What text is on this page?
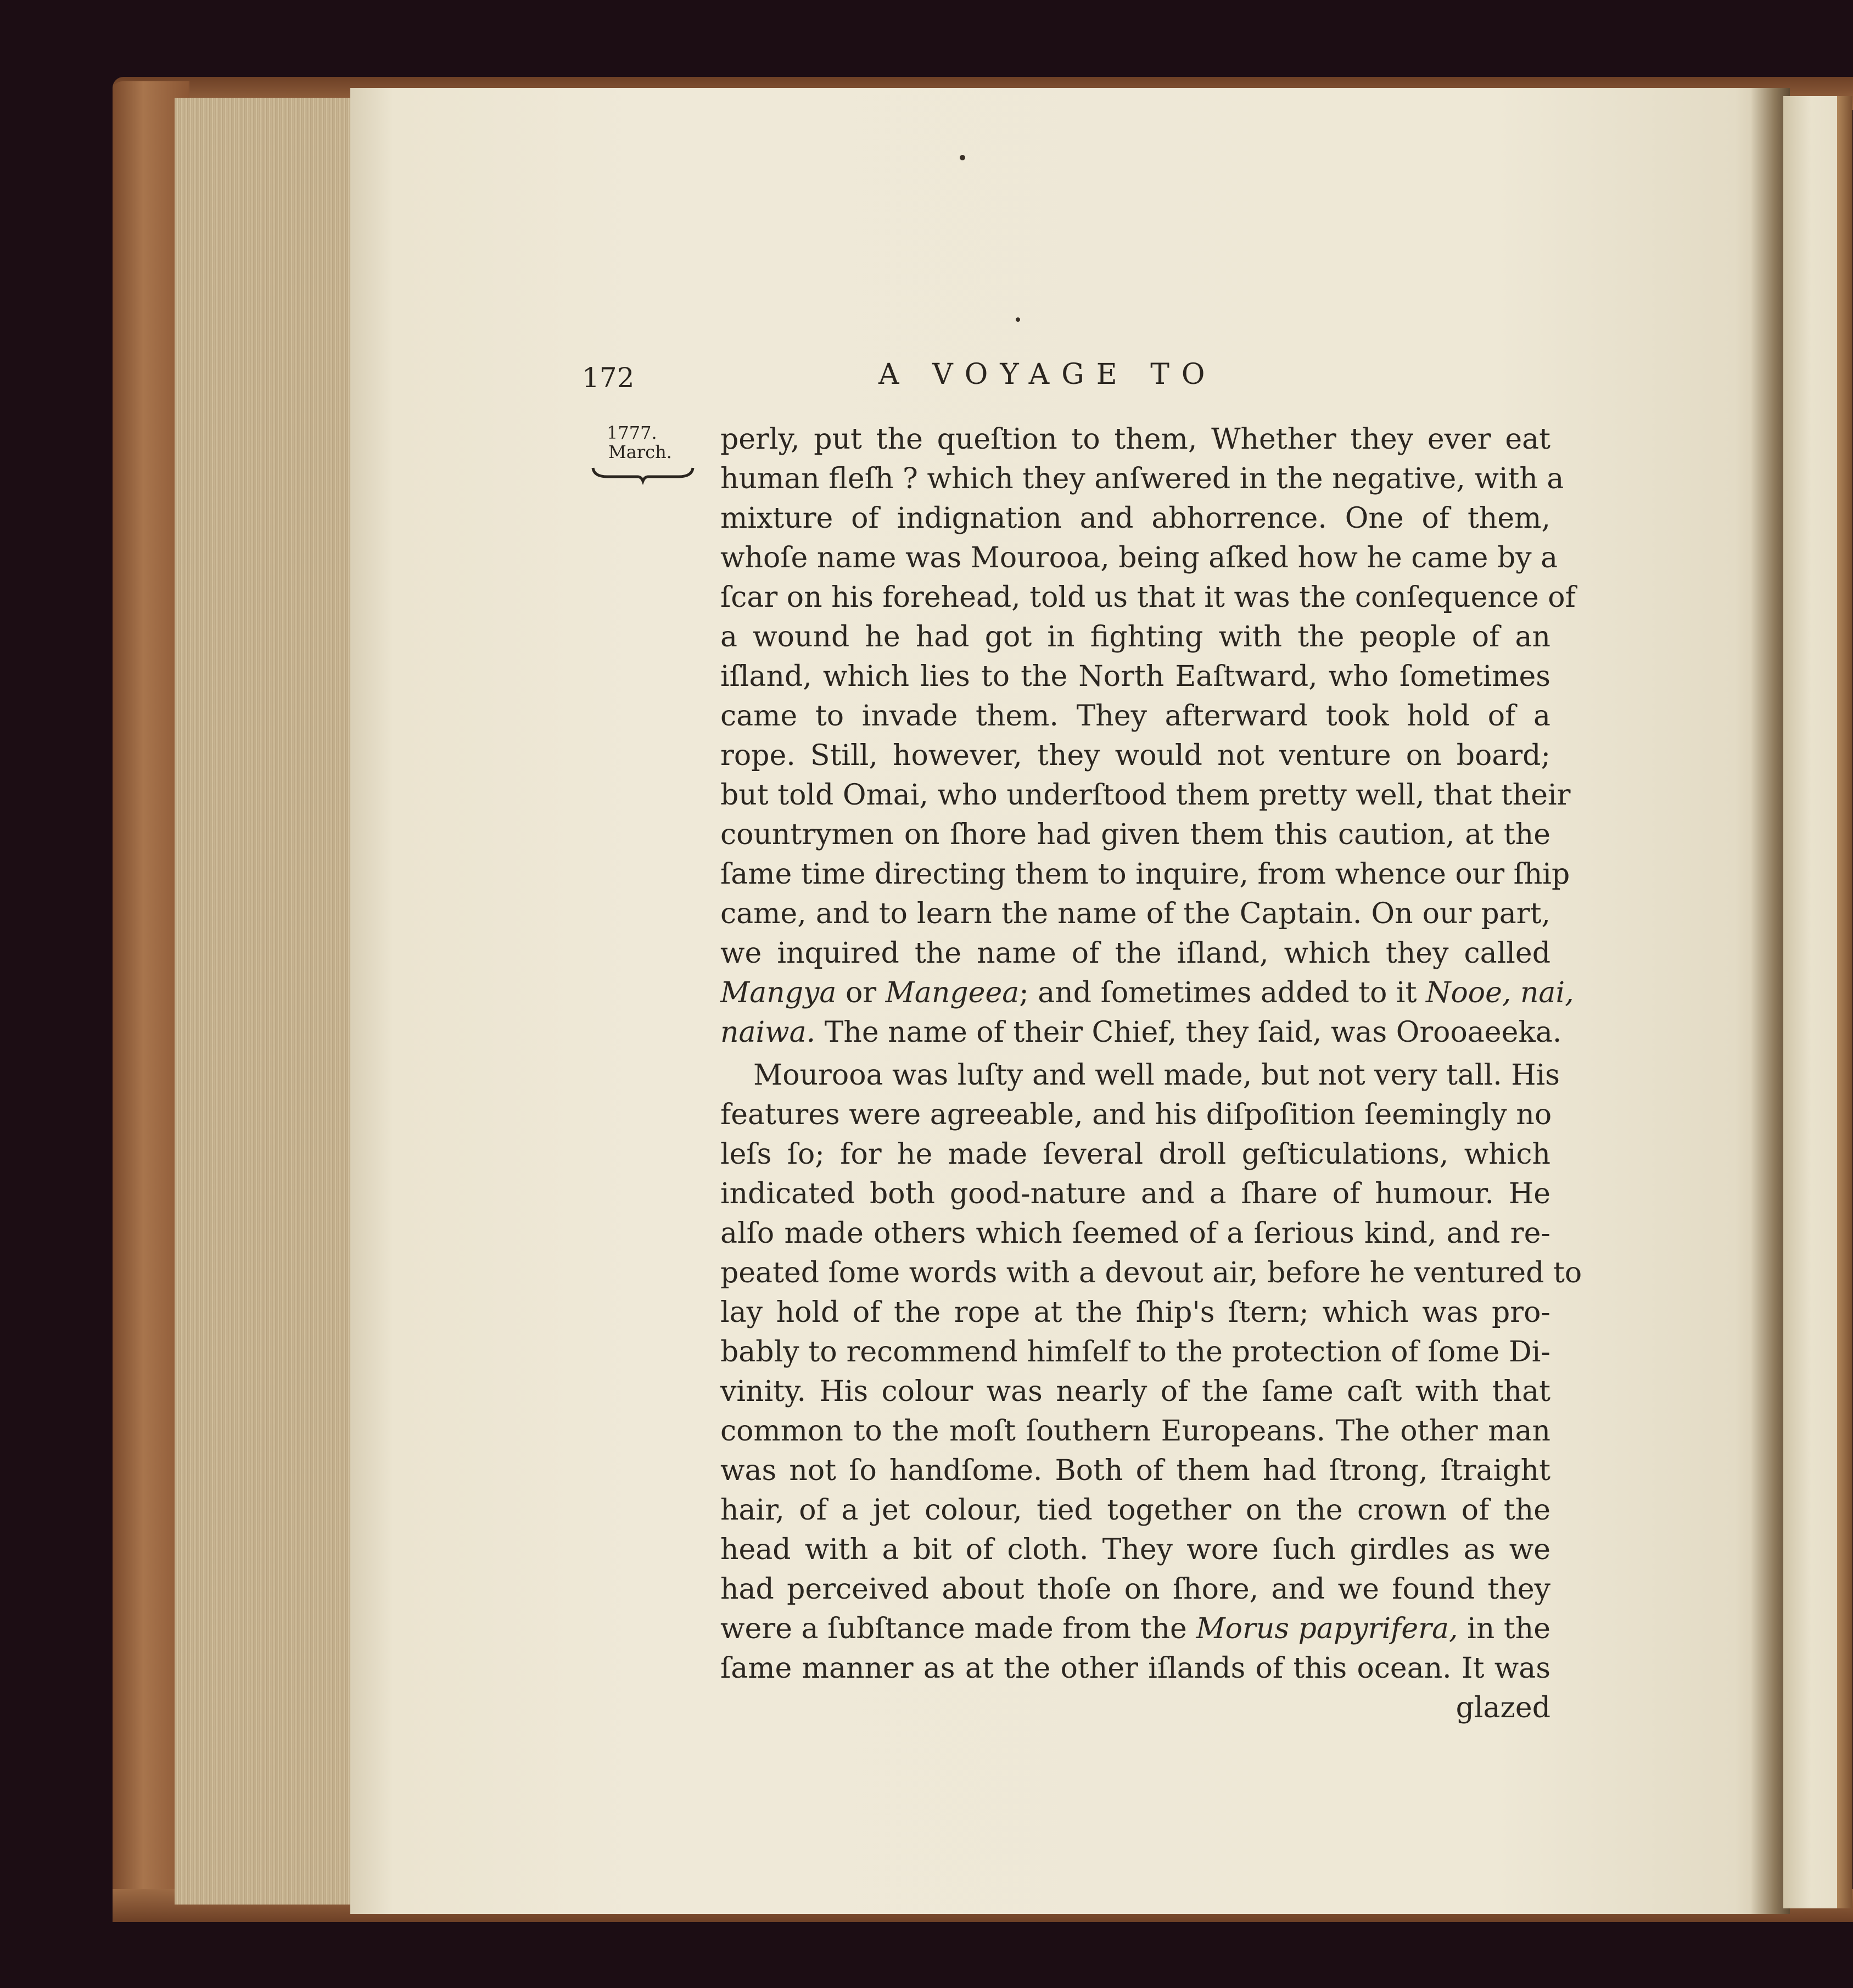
172	A VOYAGE TO
1777.
March. perly, put the queſtion to them, Whether they ever eat
human fleſh ? which they anſwered in the negative, with a
mixture of indignation and abhorrence. One of them,
whoſe name was Mourooa, being aſked how he came by a
ſcar on his forehead, told us that it was the conſequence of
a wound he had got in fighting with the people of an
iſland, which lies to the North Eaſtward, who ſometimes
came to invade them. They afterward took hold of a
rope. Still, however, they would not venture on board;
but told Omai, who underſtood them pretty well, that their
countrymen on ſhore had given them this caution, at the
ſame time directing them to inquire, from whence our ſhip
came, and to learn the name of the Captain. On our part,
we inquired the name of the iſland, which they called
Mangya or Mangeea; and ſometimes added to it Nooe, nai,
naiwa. The name of their Chief, they ſaid, was Orooaeeka.
Mourooa was luſty and well made, but not very tall. His
features were agreeable, and his diſpoſition ſeemingly no
leſs ſo; for he made ſeveral droll geſticulations, which
indicated both good-nature and a ſhare of humour. He
alſo made others which ſeemed of a ſerious kind, and re-
peated ſome words with a devout air, before he ventured to
lay hold of the rope at the ſhip's ſtern; which was pro-
bably to recommend himſelf to the protection of ſome Di-
vinity. His colour was nearly of the ſame caſt with that
common to the moſt ſouthern Europeans. The other man
was not ſo handſome. Both of them had ſtrong, ſtraight
hair, of a jet colour, tied together on the crown of the
head with a bit of cloth. They wore ſuch girdles as we
had perceived about thoſe on ſhore, and we found they
were a ſubſtance made from the Morus papyrifera, in the
ſame manner as at the other iſlands of this ocean. It was
glazed
